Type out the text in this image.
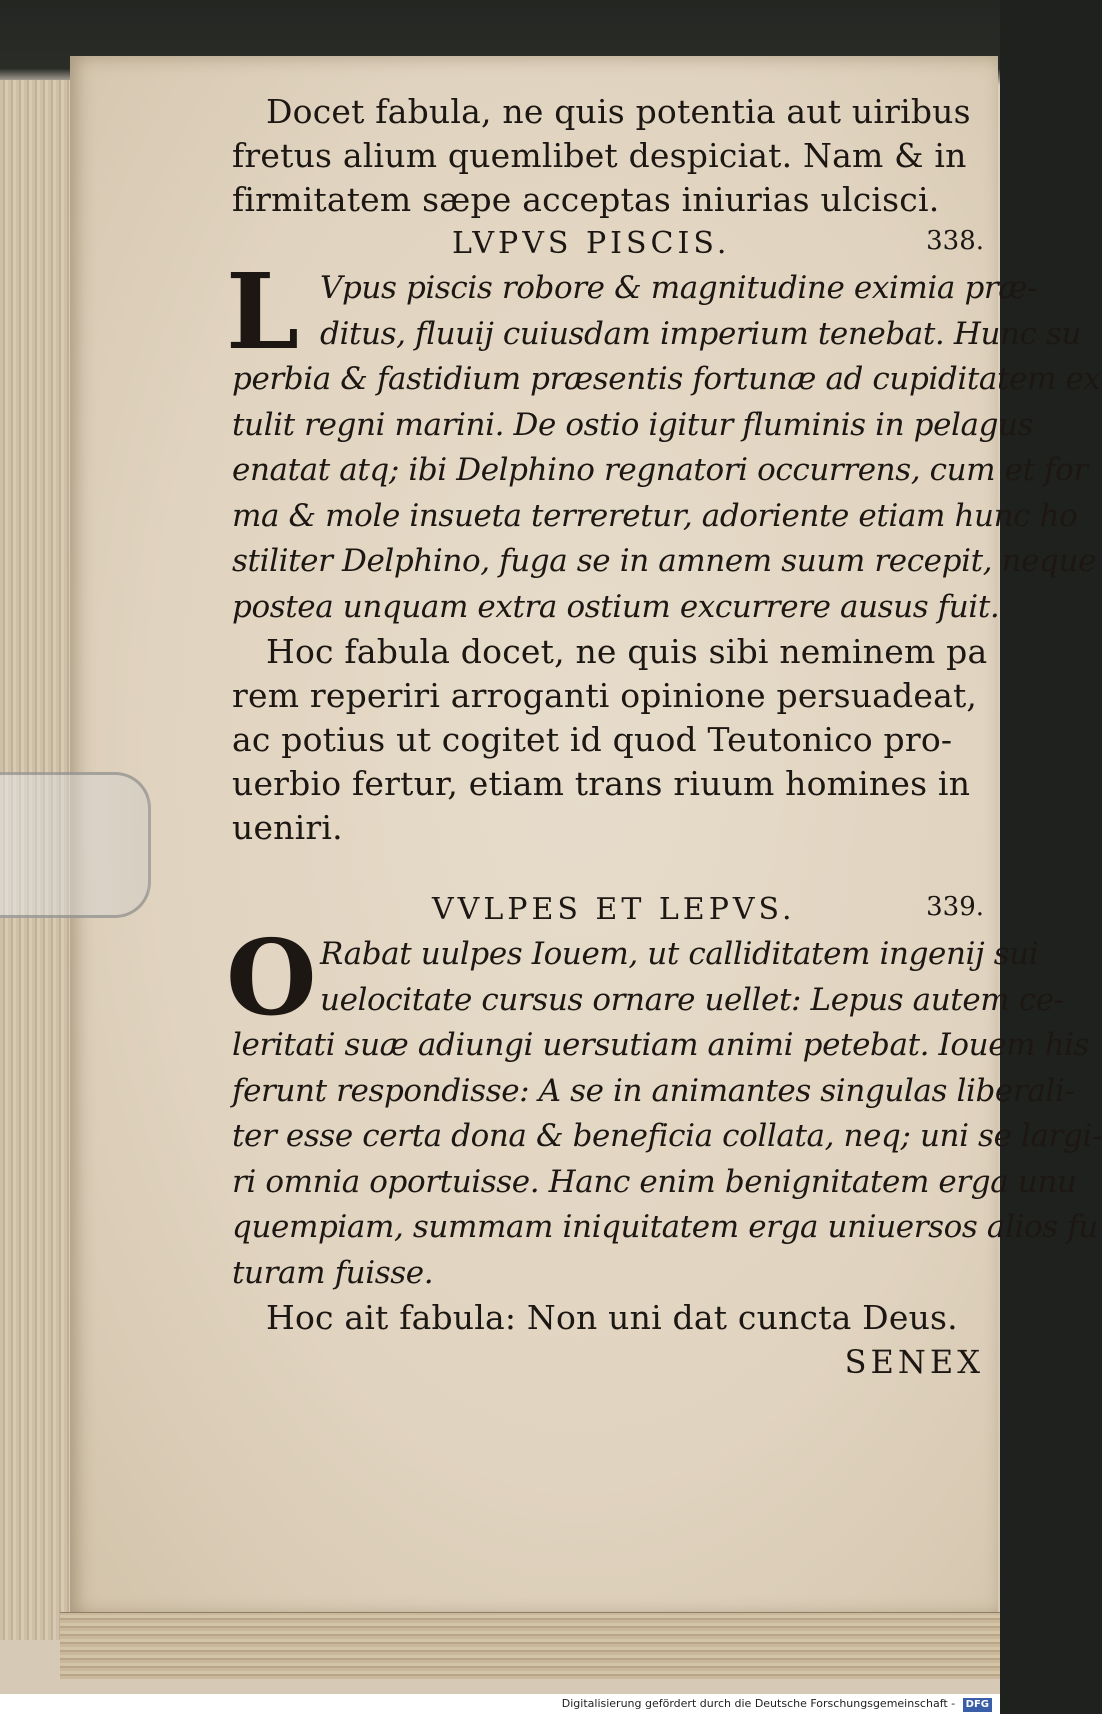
Docet fabula, ne quis potentia aut uiribus
fretus alium quemlibet despiciat. Nam & in
firmitatem sæpe acceptas iniurias ulcisci.
LVPVS PISCIS.	338.
L Vpus piscis robore & magnitudine eximia præ-
ditus, fluuij cuiusdam imperium tenebat. Hunc su
perbia & fastidium præsentis fortunæ ad cupiditatem ex
tulit regni marini. De ostio igitur fluminis in pelagus
enatat atq; ibi Delphino regnatori occurrens, cum et for
ma & mole insueta terreretur, adoriente etiam hunc ho
stiliter Delphino, fuga se in amnem suum recepit, neque
postea unquam extra ostium excurrere ausus fuit.
Hoc fabula docet, ne quis sibi neminem pa
rem reperiri arroganti opinione persuadeat,
ac potius ut cogitet id quod Teutonico pro-
uerbio fertur, etiam trans riuum homines in
ueniri.
VVLPES ET LEPVS.	339.
O Rabat uulpes Iouem, ut calliditatem ingenij sui
uelocitate cursus ornare uellet: Lepus autem ce-
leritati suæ adiungi uersutiam animi petebat. Iouem his
ferunt respondisse: A se in animantes singulas liberali-
ter esse certa dona & beneficia collata, neq; uni se largi-
ri omnia oportuisse. Hanc enim benignitatem erga unu
quempiam, summam iniquitatem erga uniuersos alios fu
turam fuisse.
Hoc ait fabula: Non uni dat cuncta Deus.
SENEX
Digitalisierung gefördert durch die Deutsche Forschungsgemeinschaft - DFG
